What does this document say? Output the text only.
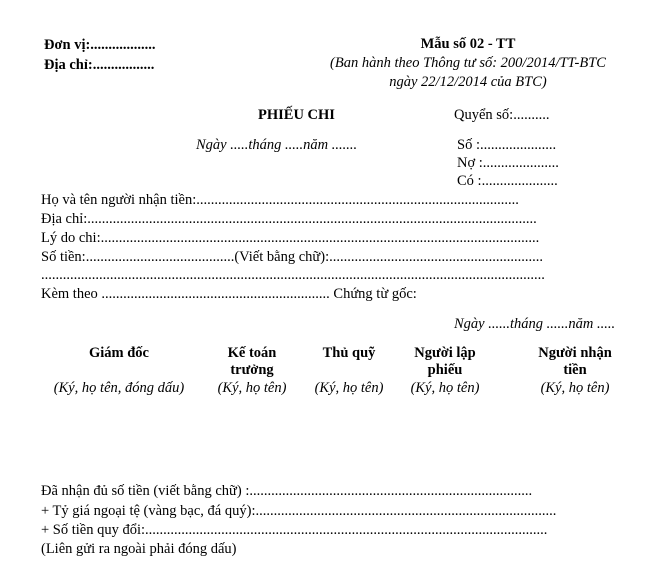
Đơn vị:..................
Địa chỉ:.................
Mẫu số 02 - TT
(Ban hành theo Thông tư số: 200/2014/TT-BTC
ngày 22/12/2014 của BTC)
PHIẾU CHI	Quyển số:..........
Ngày .....tháng .....năm .......	Số :.....................
Nợ :.....................
Có :.....................
Họ và tên người nhận tiền:.........................................................................................
Địa chỉ:............................................................................................................................
Lý do chi:.........................................................................................................................
Số tiền:.........................................(Viết bằng chữ):...........................................................
...........................................................................................................................................
Kèm theo ............................................................... Chứng từ gốc:
Ngày ......tháng ......năm .....
Giám đốc
(Ký, họ tên, đóng dấu)
Kế toán trưởng
(Ký, họ tên)
Thủ quỹ
(Ký, họ tên)
Người lập phiếu
(Ký, họ tên)
Người nhận tiền
(Ký, họ tên)
Đã nhận đủ số tiền (viết bằng chữ) :..............................................................................
+ Tỷ giá ngoại tệ (vàng bạc, đá quý):...................................................................................
+ Số tiền quy đổi:...............................................................................................................
(Liên gửi ra ngoài phải đóng dấu)
